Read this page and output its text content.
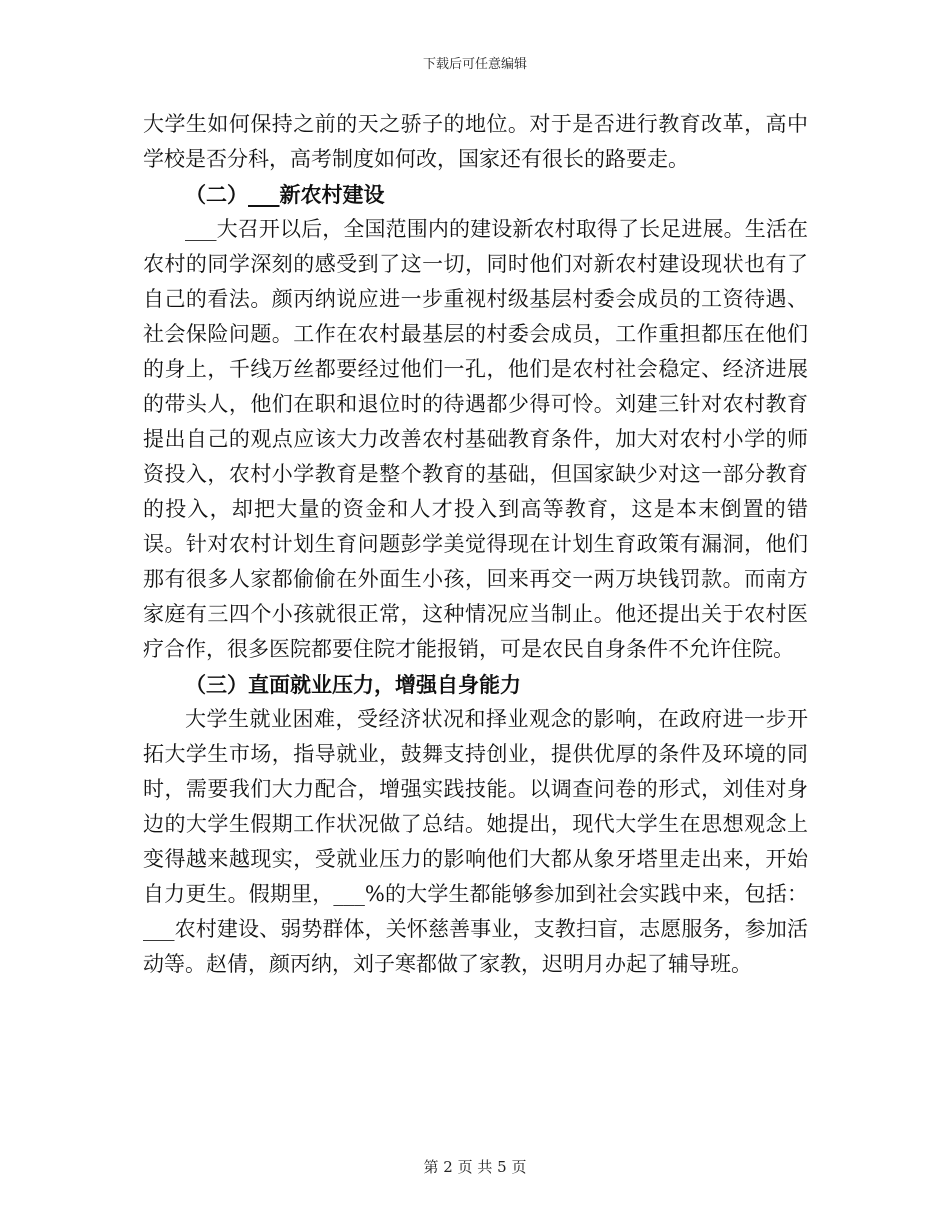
下载后可任意编辑

大学生如何保持之前的天之骄子的地位。对于是否进行教育改革，高中学校是否分科，高考制度如何改，国家还有很长的路要走。

（二）___新农村建设

___大召开以后，全国范围内的建设新农村取得了长足进展。生活在农村的同学深刻的感受到了这一切，同时他们对新农村建设现状也有了自己的看法。颜丙纳说应进一步重视村级基层村委会成员的工资待遇、社会保险问题。工作在农村最基层的村委会成员，工作重担都压在他们的身上，千线万丝都要经过他们一孔，他们是农村社会稳定、经济进展的带头人，他们在职和退位时的待遇都少得可怜。刘建三针对农村教育提出自己的观点应该大力改善农村基础教育条件，加大对农村小学的师资投入，农村小学教育是整个教育的基础，但国家缺少对这一部分教育的投入，却把大量的资金和人才投入到高等教育，这是本末倒置的错误。针对农村计划生育问题彭学美觉得现在计划生育政策有漏洞，他们那有很多人家都偷偷在外面生小孩，回来再交一两万块钱罚款。而南方家庭有三四个小孩就很正常，这种情况应当制止。他还提出关于农村医疗合作，很多医院都要住院才能报销，可是农民自身条件不允许住院。

（三）直面就业压力，增强自身能力

大学生就业困难，受经济状况和择业观念的影响，在政府进一步开拓大学生市场，指导就业，鼓舞支持创业，提供优厚的条件及环境的同时，需要我们大力配合，增强实践技能。以调查问卷的形式，刘佳对身边的大学生假期工作状况做了总结。她提出，现代大学生在思想观念上变得越来越现实，受就业压力的影响他们大都从象牙塔里走出来，开始自力更生。假期里，___%的大学生都能够参加到社会实践中来，包括：___农村建设、弱势群体，关怀慈善事业，支教扫盲，志愿服务，参加活动等。赵倩，颜丙纳，刘子寒都做了家教，迟明月办起了辅导班。

第 2 页 共 5 页
